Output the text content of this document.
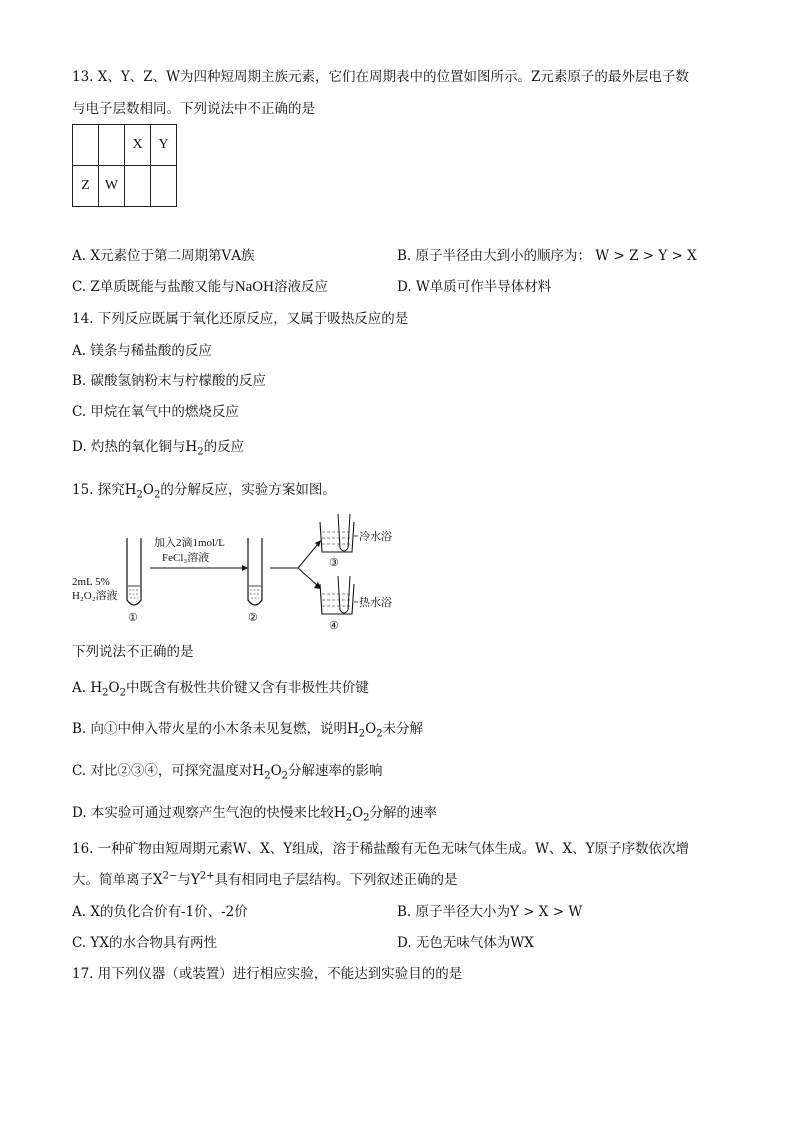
13. X、Y、Z、W为四种短周期主族元素，它们在周期表中的位置如图所示。Z元素原子的最外层电子数
与电子层数相同。下列说法中不正确的是
		X	Y
Z	W		
A. X元素位于第二周期第ⅤA族	B. 原子半径由大到小的顺序为： W > Z > Y > X
C. Z单质既能与盐酸又能与NaOH溶液反应	D. W单质可作半导体材料
14. 下列反应既属于氧化还原反应，又属于吸热反应的是
A. 镁条与稀盐酸的反应
B. 碳酸氢钠粉末与柠檬酸的反应
C. 甲烷在氧气中的燃烧反应
D. 灼热的氧化铜与$H_2$的反应
15. 探究$H_2O_2$的分解反应，实验方案如图。
2mL 5%
H₂O₂溶液
①
加入2滴1mol/L
FeCl₃溶液
②
冷水浴
③
热水浴
④
下列说法不正确的是
A. $H_2O_2$中既含有极性共价键又含有非极性共价键
B. 向①中伸入带火星的小木条未见复燃，说明$H_2O_2$未分解
C. 对比②③④，可探究温度对$H_2O_2$分解速率的影响
D. 本实验可通过观察产生气泡的快慢来比较$H_2O_2$分解的速率
16. 一种矿物由短周期元素W、X、Y组成，溶于稀盐酸有无色无味气体生成。W、X、Y原子序数依次增
大。简单离子$X^{2-}$与$Y^{2+}$具有相同电子层结构。下列叙述正确的是
A. X的负化合价有-1价、-2价	B. 原子半径大小为Y > X > W
C. YX的水合物具有两性	D. 无色无味气体为WX
17. 用下列仪器（或装置）进行相应实验，不能达到实验目的的是
